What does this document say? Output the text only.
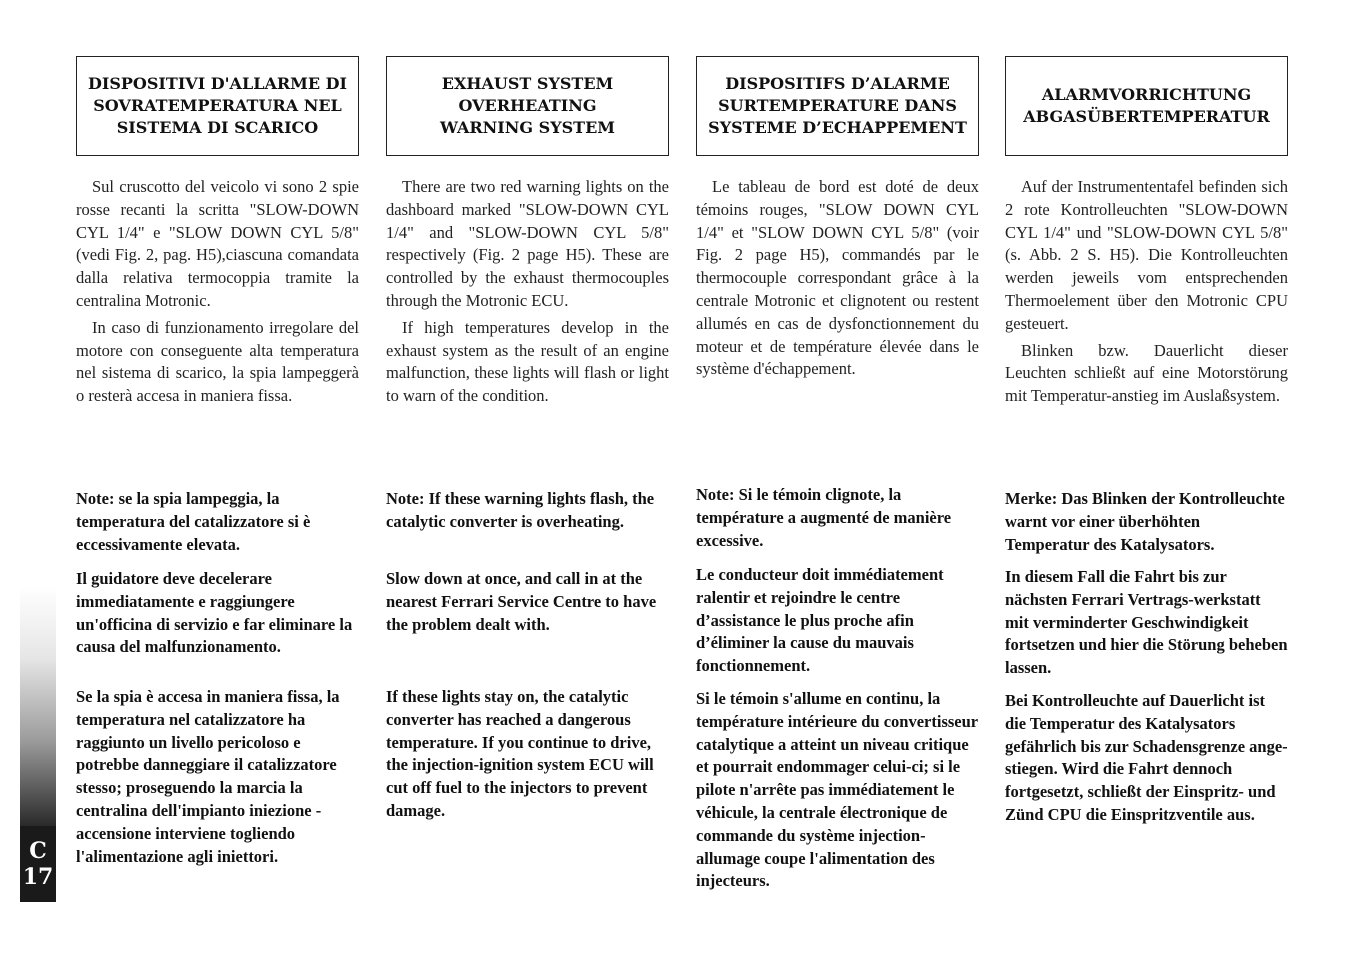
DISPOSITIVI D'ALLARME DI
SOVRATEMPERATURA NEL
SISTEMA DI SCARICO

Sul cruscotto del veicolo vi sono 2 spie rosse recanti la scritta "SLOW-DOWN CYL 1/4" e "SLOW DOWN CYL 5/8" (vedi Fig. 2, pag. H5),ciascuna comandata dalla relativa termocoppia tramite la centralina Motronic.

In caso di funzionamento irregolare del motore con conseguente alta temperatura nel sistema di scarico, la spia lampeggerà o resterà accesa in maniera fissa.

EXHAUST SYSTEM
OVERHEATING
WARNING SYSTEM

There are two red warning lights on the dashboard marked "SLOW-DOWN CYL 1/4" and "SLOW-DOWN CYL 5/8" respectively (Fig. 2 page H5). These are controlled by the exhaust thermocouples through the Motronic ECU.

If high temperatures develop in the exhaust system as the result of an engine malfunction, these lights will flash or light to warn of the condition.

DISPOSITIFS D’ALARME
SURTEMPERATURE DANS
SYSTEME D’ECHAPPEMENT

Le tableau de bord est doté de deux témoins rouges, "SLOW DOWN CYL 1/4" et "SLOW DOWN CYL 5/8" (voir Fig. 2 page H5), commandés par le thermocouple correspondant grâce à la centrale Motronic et clignotent ou restent allumés en cas de dysfonctionnement du moteur et de température élevée dans le système d'échappement.

ALARMVORRICHTUNG
ABGASÜBERTEMPERATUR

Auf der Instrumententafel befinden sich 2 rote Kontrolleuchten "SLOW-DOWN CYL 1/4" und "SLOW-DOWN CYL 5/8" (s. Abb. 2 S. H5). Die Kontrolleuchten werden jeweils vom entsprechenden Thermoelement über den Motronic CPU gesteuert.

Blinken bzw. Dauerlicht dieser Leuchten schließt auf eine Motorstörung mit Temperatur-anstieg im Auslaßsystem.

Note: se la spia lampeggia, la temperatura del catalizzatore si è eccessivamente elevata.

Note: If these warning lights flash, the catalytic converter is overheating.

Note: Si le témoin clignote, la température a augmenté de manière excessive.

Merke: Das Blinken der Kontrolleuchte warnt vor einer überhöhten Temperatur des Katalysators.

Il guidatore deve decelerare immediatamente e raggiungere un'officina di servizio e far eliminare la causa del malfunzionamento.

Slow down at once, and call in at the nearest Ferrari Service Centre to have the problem dealt with.

Le conducteur doit immédiatement ralentir et rejoindre le centre d’assistance le plus proche afin d’éliminer la cause du mauvais fonctionnement.

In diesem Fall die Fahrt bis zur nächsten Ferrari Vertrags-werkstatt mit verminderter Geschwindigkeit fortsetzen und hier die Störung beheben lassen.

Se la spia è accesa in maniera fissa, la temperatura nel catalizzatore ha raggiunto un livello pericoloso e potrebbe danneggiare il catalizzatore stesso; proseguendo la marcia la centralina dell'impianto iniezione - accensione interviene togliendo l'alimentazione agli iniettori.

If these lights stay on, the catalytic converter has reached a dangerous temperature. If you continue to drive, the injection-ignition system ECU will cut off fuel to the injectors to prevent damage.

Si le témoin s'allume en continu, la température intérieure du convertisseur catalytique a atteint un niveau critique et pourrait endommager celui-ci; si le pilote n'arrête pas immédiatement le véhicule, la centrale électronique de commande du système injection-allumage coupe l'alimentation des injecteurs.

Bei Kontrolleuchte auf Dauerlicht ist die Temperatur des Katalysators gefährlich bis zur Schadensgrenze ange-stiegen. Wird die Fahrt dennoch fortgesetzt, schließt der Einspritz- und Zünd CPU die Einspritzventile aus.

C
17
